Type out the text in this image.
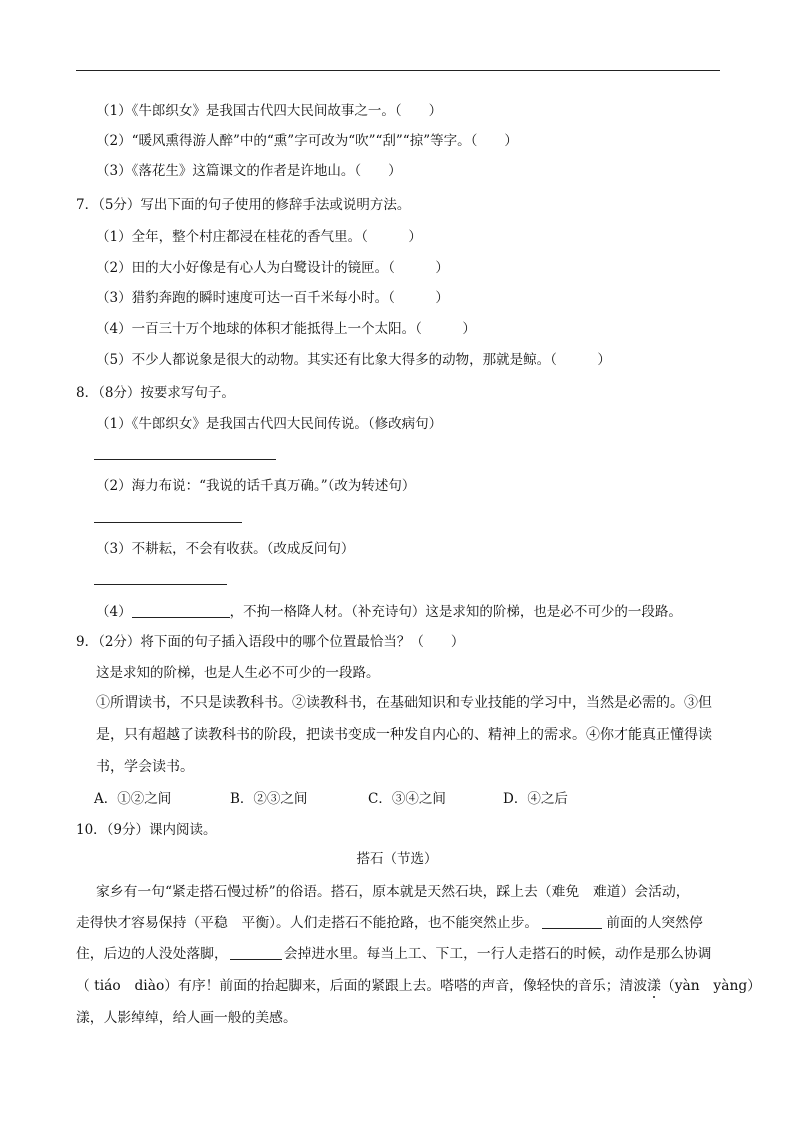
（1）《牛郎织女》是我国古代四大民间故事之一。（　　）
（2）“暖风熏得游人醉”中的“熏”字可改为“吹”“刮”“掠”等字。（　　）
（3）《落花生》这篇课文的作者是许地山。（　　）
7．（5分）写出下面的句子使用的修辞手法或说明方法。
（1）全年，整个村庄都浸在桂花的香气里。（　　　）
（2）田的大小好像是有心人为白鹭设计的镜匣。（　　　）
（3）猎豹奔跑的瞬时速度可达一百千米每小时。（　　　）
（4）一百三十万个地球的体积才能抵得上一个太阳。（　　　）
（5）不少人都说象是很大的动物。其实还有比象大得多的动物，那就是鲸。（　　　）
8．（8分）按要求写句子。
（1）《牛郎织女》是我国古代四大民间传说。（修改病句）
（2）海力布说：“我说的话千真万确。”（改为转述句）
（3）不耕耘，不会有收获。（改成反问句）
（4）	，不拘一格降人材。（补充诗句）这是求知的阶梯，也是必不可少的一段路。
9．（2分）将下面的句子插入语段中的哪个位置最恰当？（　　）
这是求知的阶梯，也是人生必不可少的一段路。
①所谓读书，不只是读教科书。②读教科书，在基础知识和专业技能的学习中，当然是必需的。③但
是，只有超越了读教科书的阶段，把读书变成一种发自内心的、精神上的需求。④你才能真正懂得读
书，学会读书。
A．①②之间	B．②③之间	C．③④之间	D．④之后
10．（9分）课内阅读。
搭石（节选）
家乡有一句“紧走搭石慢过桥”的俗语。搭石，原本就是天然石块，踩上去（难免　难道）会活动，
走得快才容易保持（平稳　平衡）。人们走搭石不能抢路，也不能突然止步。	前面的人突然停
住，后边的人没处落脚，	会掉进水里。每当上工、下工，一行人走搭石的时候，动作是那么协调
（ tiáo　diào）有序！前面的抬起脚来，后面的紧跟上去。嗒嗒的声音，像轻快的音乐；清波漾（yàn　yàng）
漾，人影绰绰，给人画一般的美感。
